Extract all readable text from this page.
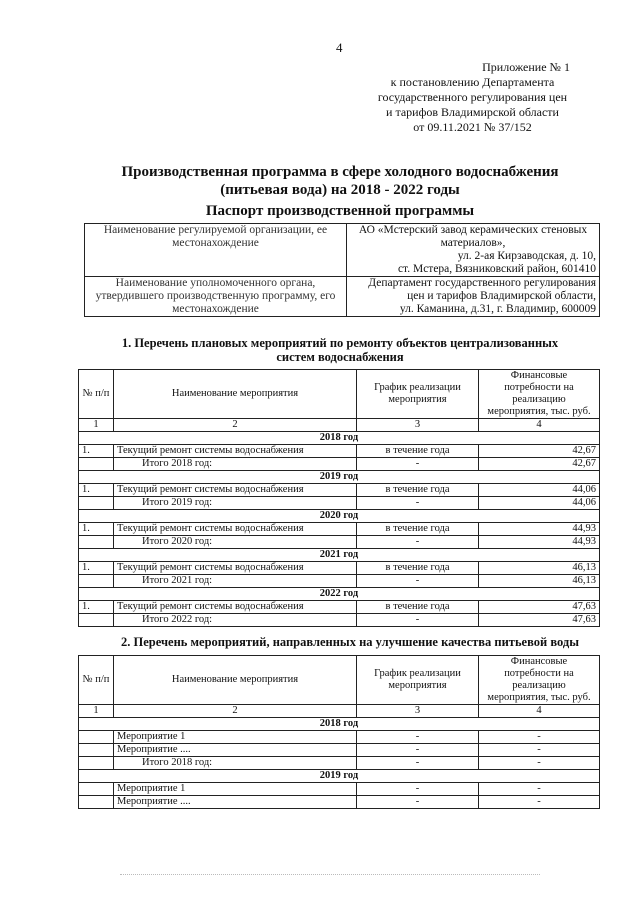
4
Приложение № 1
к постановлению Департамента
государственного регулирования цен
и тарифов Владимирской области
от 09.11.2021 № 37/152
Производственная программа в сфере холодного водоснабжения
(питьевая вода) на 2018 - 2022 годы
Паспорт производственной программы
Наименование регулируемой организации, ее местонахождение	АО «Мстерский завод керамических стеновых материалов»,
ул. 2-ая Кирзаводская, д. 10,
ст. Мстера, Вязниковский район, 601410

Наименование уполномоченного органа, утвердившего производственную программу, его местонахождение	Департамент государственного регулирования
цен и тарифов Владимирской области,
ул. Каманина, д.31, г. Владимир, 600009
1. Перечень плановых мероприятий по ремонту объектов централизованных
систем водоснабжения
№ п/п	Наименование мероприятия	График реализации мероприятия	Финансовые потребности на реализацию мероприятия, тыс. руб.
1	2	3	4
2018 год			
1.	Текущий ремонт системы водоснабжения	в течение года	42,67
	Итого 2018 год:	-	42,67
2019 год			
1.	Текущий ремонт системы водоснабжения	в течение года	44,06
	Итого 2019 год:	-	44,06
2020 год			
1.	Текущий ремонт системы водоснабжения	в течение года	44,93
	Итого 2020 год:	-	44,93
2021 год			
1.	Текущий ремонт системы водоснабжения	в течение года	46,13
	Итого 2021 год:	-	46,13
2022 год			
1.	Текущий ремонт системы водоснабжения	в течение года	47,63
	Итого 2022 год:	-	47,63
2. Перечень мероприятий, направленных на улучшение качества питьевой воды
№ п/п	Наименование мероприятия	График реализации мероприятия	Финансовые потребности на реализацию мероприятия, тыс. руб.
1	2	3	4
2018 год			
	Мероприятие 1	-	-
	Мероприятие ....	-	-
	Итого 2018 год:	-	-
2019 год			
	Мероприятие 1	-	-
	Мероприятие ....	-	-
